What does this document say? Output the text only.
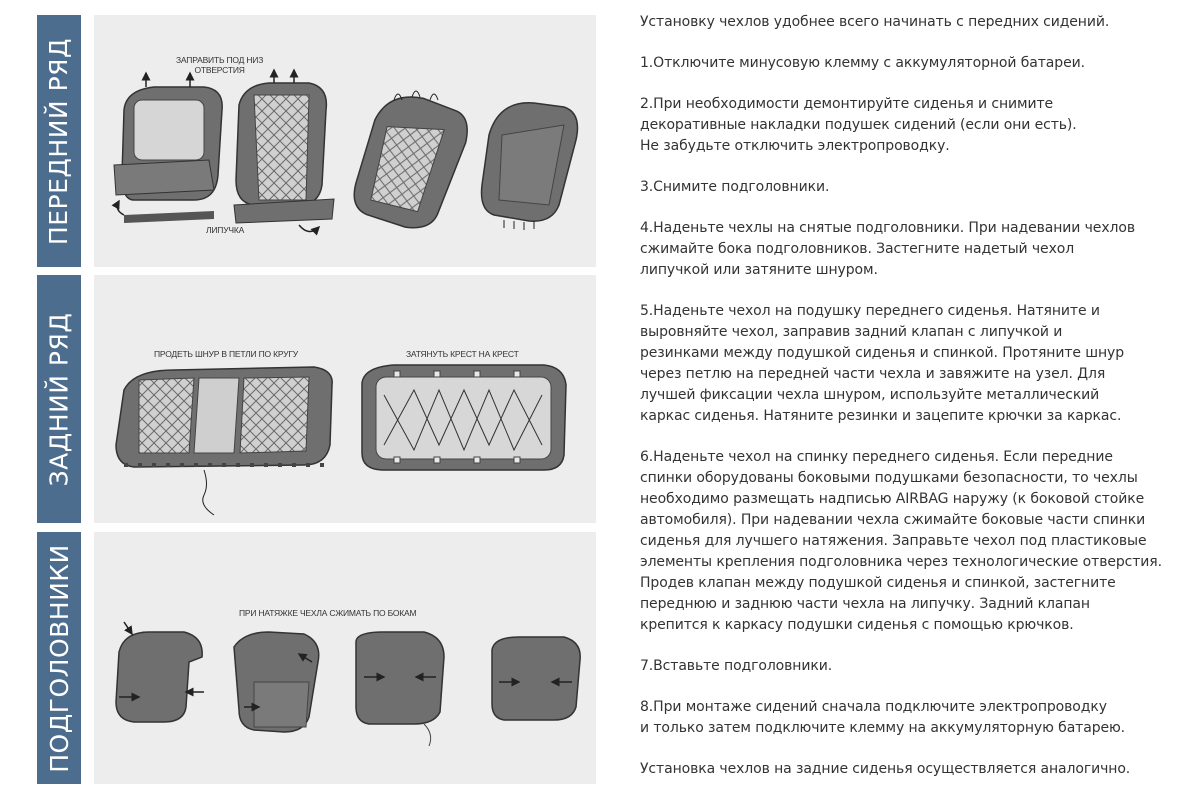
ПЕРЕДНИЙ РЯД
ЗАДНИЙ РЯД
ПОДГОЛОВНИКИ
ЗАПРАВИТЬ ПОД НИЗ
ОТВЕРСТИЯ
ЛИПУЧКА
ПРОДЕТЬ ШНУР В ПЕТЛИ ПО КРУГУ	ЗАТЯНУТЬ КРЕСТ НА КРЕСТ
ПРИ НАТЯЖКЕ ЧЕХЛА СЖИМАТЬ ПО БОКАМ

Установку чехлов удобнее всего начинать с передних сидений.

1.Отключите минусовую клемму с аккумуляторной батареи.

2.При необходимости демонтируйте сиденья и снимите
декоративные накладки подушек сидений (если они есть).
Не забудьте отключить электропроводку.

3.Снимите подголовники.

4.Наденьте чехлы на снятые подголовники. При надевании чехлов
сжимайте бока подголовников. Застегните надетый чехол
липучкой или затяните шнуром.

5.Наденьте чехол на подушку переднего сиденья. Натяните и
выровняйте чехол, заправив задний клапан с липучкой и
резинками между подушкой сиденья и спинкой. Протяните шнур
через петлю на передней части чехла и завяжите на узел. Для
лучшей фиксации чехла шнуром, используйте металлический
каркас сиденья. Натяните резинки и зацепите крючки за каркас.

6.Наденьте чехол на спинку переднего сиденья. Если передние
спинки оборудованы боковыми подушками безопасности, то чехлы
необходимо размещать надписью AIRBAG наружу (к боковой стойке
автомобиля). При надевании чехла сжимайте боковые части спинки
сиденья для лучшего натяжения. Заправьте чехол под пластиковые
элементы крепления подголовника через технологические отверстия.
Продев клапан между подушкой сиденья и спинкой, застегните
переднюю и заднюю части чехла на липучку. Задний клапан
крепится к каркасу подушки сиденья с помощью крючков.

7.Вставьте подголовники.

8.При монтаже сидений сначала подключите электропроводку
и только затем подключите клемму на аккумуляторную батарею.

Установка чехлов на задние сиденья осуществляется аналогично.
